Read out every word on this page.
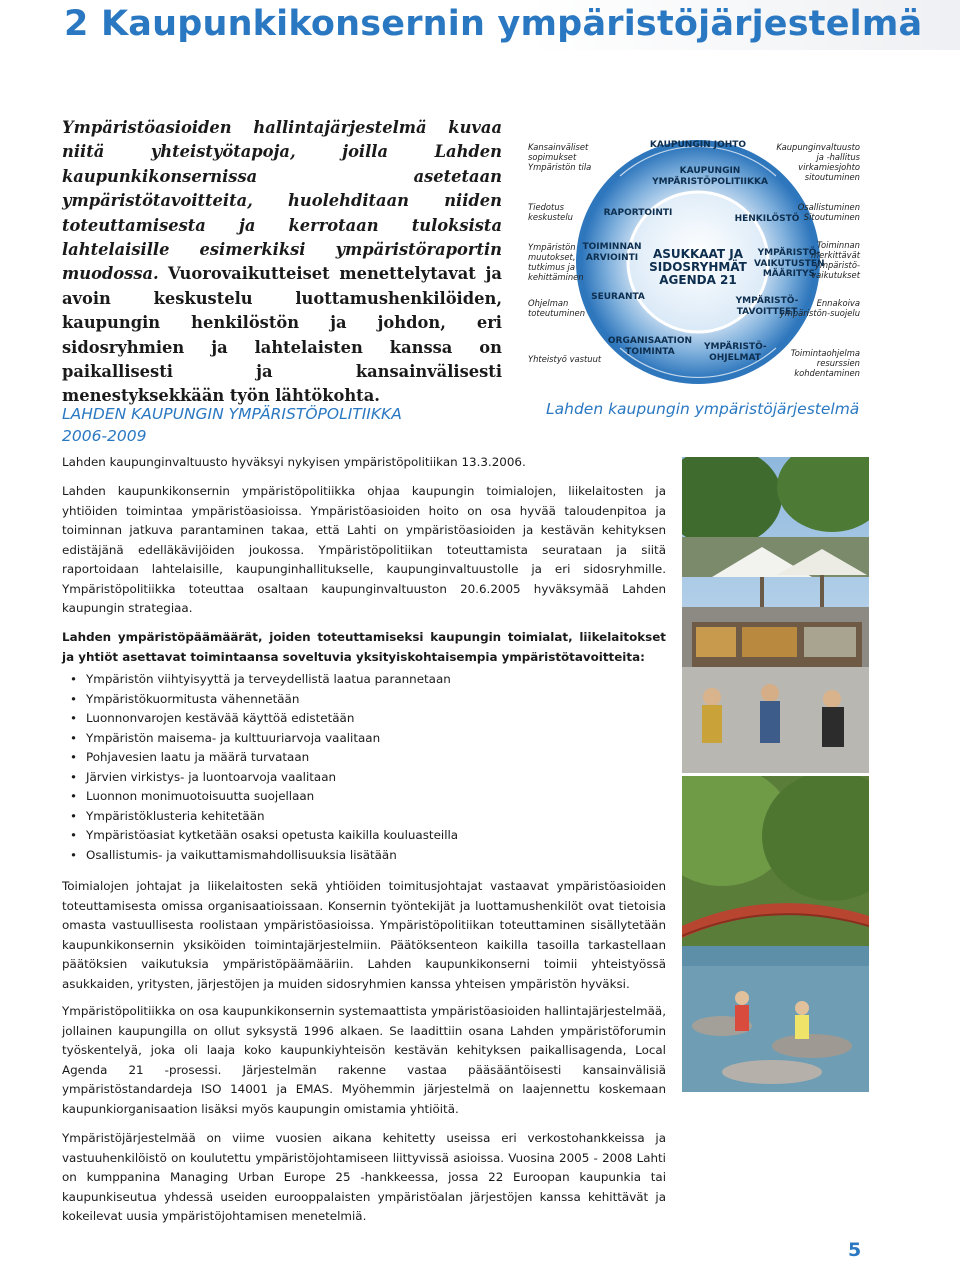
2 Kaupunkikonsernin ympäristöjärjestelmä
Ympäristöasioiden hallintajärjestelmä kuvaa niitä yhteistyötapoja, joilla Lahden kaupunkikonsernissa asetetaan ympäristötavoitteita, huolehditaan niiden toteuttamisesta ja kerrotaan tuloksista lahtelaisille esimerkiksi ympäristöraportin muodossa. Vuorovaikutteiset menettelytavat ja avoin keskustelu luottamushenkilöiden, kaupungin henkilöstön ja johdon, eri sidosryhmien ja lahtelaisten kanssa on paikallisesti ja kansainvälisesti menestyksekkään työn lähtökohta.
Kansainväliset sopimukset Ympäristön tila
Tiedotus keskustelu
Ympäristön muutokset, tutkimus ja kehittäminen
Ohjelman toteutuminen
Yhteistyö vastuut
Kaupunginvaltuusto ja -hallitus virkamiesjohto sitoutuminen
Osallistuminen Sitoutuminen
Toiminnan merkittävät ympäristö-vaikutukset
Ennakoiva ympäristön-suojelu
Toimintaohjelma resurssien kohdentaminen
KAUPUNGIN JOHTO
KAUPUNGIN YMPÄRISTÖPOLITIIKKA
RAPORTOINTI
HENKILÖSTÖ
TOIMINNAN ARVIOINTI	ASUKKAAT JA SIDOSRYHMÄT AGENDA 21
YMPÄRISTÖ-VAIKUTUSTEN MÄÄRITYS
SEURANTA	YMPÄRISTÖ-TAVOITTEET
ORGANISAATION TOIMINTA	YMPÄRISTÖ-OHJELMAT
Lahden kaupungin ympäristöjärjestelmä
LAHDEN KAUPUNGIN YMPÄRISTÖPOLITIIKKA
2006-2009
Lahden kaupunginvaltuusto hyväksyi nykyisen ympäristöpolitiikan 13.3.2006.
Lahden kaupunkikonsernin ympäristöpolitiikka ohjaa kaupungin toimialojen, liikelaitosten ja yhtiöiden toimintaa ympäristöasioissa. Ympäristöasioiden hoito on osa hyvää taloudenpitoa ja toiminnan jatkuva parantaminen takaa, että Lahti on ympäristöasioiden ja kestävän kehityksen edistäjänä edelläkävijöiden joukossa. Ympäristöpolitiikan toteuttamista seurataan ja siitä raportoidaan lahtelaisille, kaupunginhallitukselle, kaupunginvaltuustolle ja eri sidosryhmille. Ympäristöpolitiikka toteuttaa osaltaan kaupunginvaltuuston 20.6.2005 hyväksymää Lahden kaupungin strategiaa.
Lahden ympäristöpäämäärät, joiden toteuttamiseksi kaupungin toimialat, liikelaitokset ja yhtiöt asettavat toimintaansa soveltuvia yksityiskohtaisempia ympäristötavoitteita:
• Ympäristön viihtyisyyttä ja terveydellistä laatua parannetaan
• Ympäristökuormitusta vähennetään
• Luonnonvarojen kestävää käyttöä edistetään
• Ympäristön maisema- ja kulttuuriarvoja vaalitaan
• Pohjavesien laatu ja määrä turvataan
• Järvien virkistys- ja luontoarvoja vaalitaan
• Luonnon monimuotoisuutta suojellaan
• Ympäristöklusteria kehitetään
• Ympäristöasiat kytketään osaksi opetusta kaikilla kouluasteilla
• Osallistumis- ja vaikuttamismahdollisuuksia lisätään
Toimialojen johtajat ja liikelaitosten sekä yhtiöiden toimitusjohtajat vastaavat ympäristöasioiden toteuttamisesta omissa organisaatioissaan. Konsernin työntekijät ja luottamushenkilöt ovat tietoisia omasta vastuullisesta roolistaan ympäristöasioissa. Ympäristöpolitiikan toteuttaminen sisällytetään kaupunkikonsernin yksiköiden toimintajärjestelmiin. Päätöksenteon kaikilla tasoilla tarkastellaan päätöksien vaikutuksia ympäristöpäämääriin. Lahden kaupunkikonserni toimii yhteistyössä asukkaiden, yritysten, järjestöjen ja muiden sidosryhmien kanssa yhteisen ympäristön hyväksi.
Ympäristöpolitiikka on osa kaupunkikonsernin systemaattista ympäristöasioiden hallintajärjestelmää, jollainen kaupungilla on ollut syksystä 1996 alkaen. Se laadittiin osana Lahden ympäristöforumin työskentelyä, joka oli laaja koko kaupunkiyhteisön kestävän kehityksen paikallisagenda, Local Agenda 21 -prosessi. Järjestelmän rakenne vastaa pääsääntöisesti kansainvälisiä ympäristöstandardeja ISO 14001 ja EMAS. Myöhemmin järjestelmä on laajennettu koskemaan kaupunkiorganisaation lisäksi myös kaupungin omistamia yhtiöitä.
Ympäristöjärjestelmää on viime vuosien aikana kehitetty useissa eri verkostohankkeissa ja vastuuhenkilöistö on koulutettu ympäristöjohtamiseen liittyvissä asioissa. Vuosina 2005 - 2008 Lahti on kumppanina Managing Urban Europe 25 -hankkeessa, jossa 22 Euroopan kaupunkia tai kaupunkiseutua yhdessä useiden eurooppalaisten ympäristöalan järjestöjen kanssa kehittävät ja kokeilevat uusia ympäristöjohtamisen menetelmiä.
5
